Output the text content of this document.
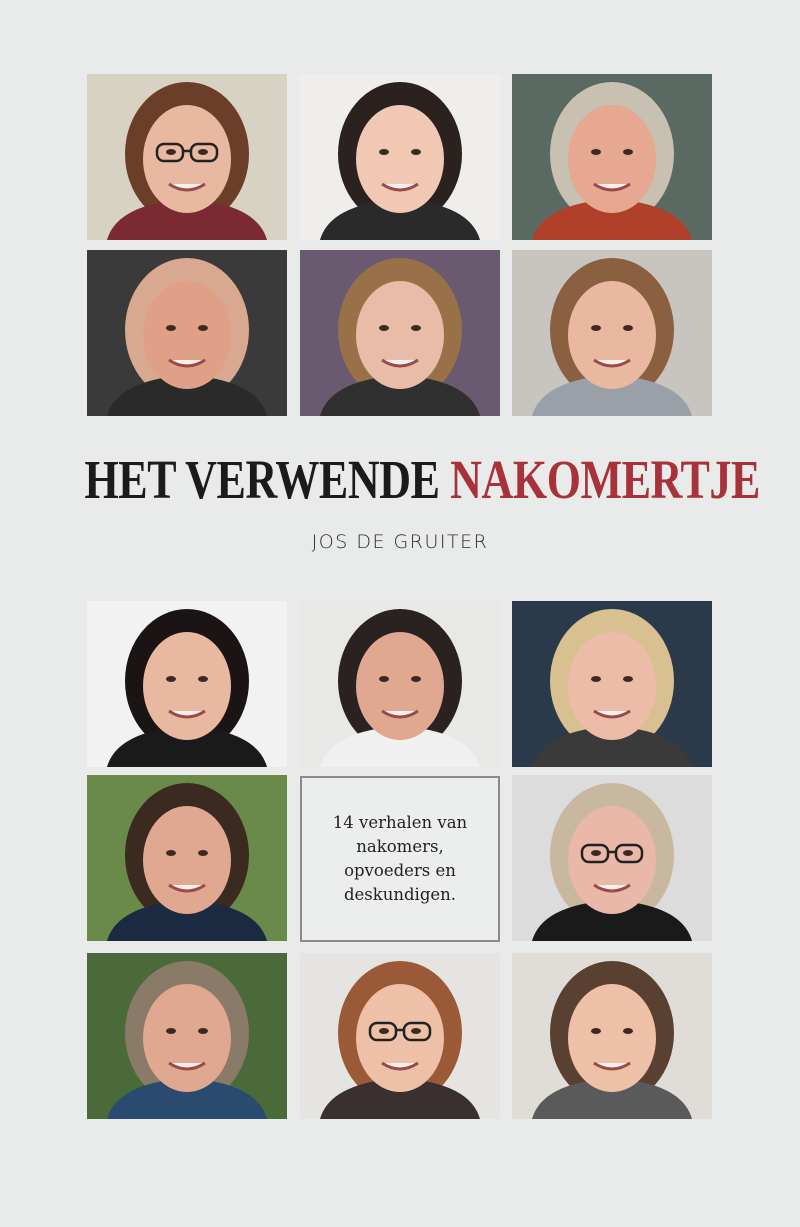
HET VERWENDE NAKOMERTJE
JOS DE GRUITER
14 verhalen van
nakomers,
opvoeders en
deskundigen.
